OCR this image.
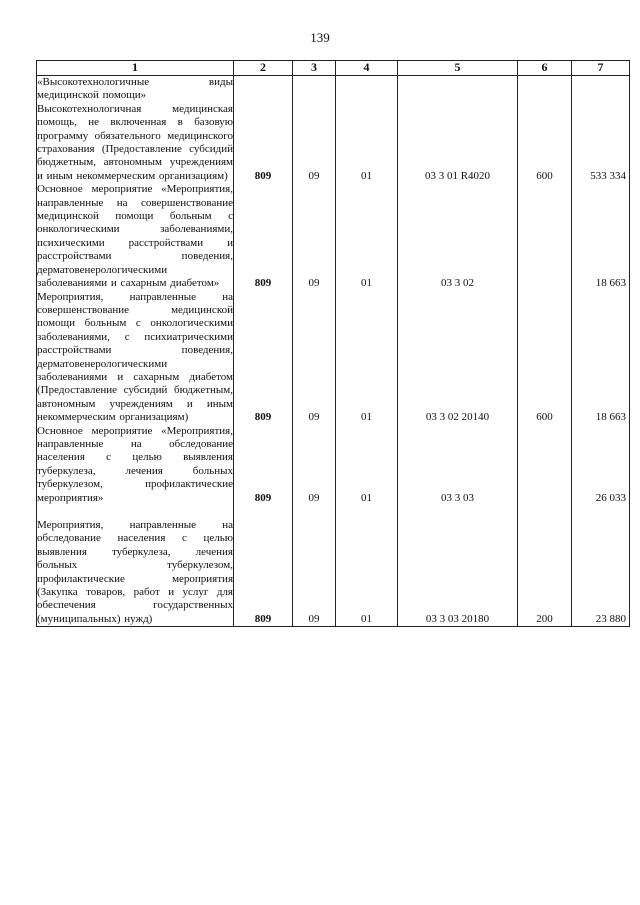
139
1	2	3	4	5	6	7

«Высокотехнологичные виды медицинской помощи»
Высокотехнологичная медицинская помощь, не включенная в базовую программу обязательного медицинского страхования (Предоставление субсидий бюджетным, автономным учреждениям и иным некоммерческим организациям)	809	09	01	03 3 01 R4020	600	533 334

Основное мероприятие «Мероприятия, направленные на совершенствование медицинской помощи больным с онкологическими заболеваниями, психическими расстройствами и расстройствами поведения, дерматовенерологическими заболеваниями и сахарным диабетом»	809	09	01	03 3 02		18 663

Мероприятия, направленные на совершенствование медицинской помощи больным с онкологическими заболеваниями, с психиатрическими расстройствами поведения, дерматовенерологическими заболеваниями и сахарным диабетом (Предоставление субсидий бюджетным, автономным учреждениям и иным некоммерческим организациям)	809	09	01	03 3 02 20140	600	18 663

Основное мероприятие «Мероприятия, направленные на обследование населения с целью выявления туберкулеза, лечения больных туберкулезом, профилактические мероприятия»	809	09	01	03 3 03		26 033

Мероприятия, направленные на обследование населения с целью выявления туберкулеза, лечения больных туберкулезом, профилактические мероприятия (Закупка товаров, работ и услуг для обеспечения государственных (муниципальных) нужд)	809	09	01	03 3 03 20180	200	23 880
